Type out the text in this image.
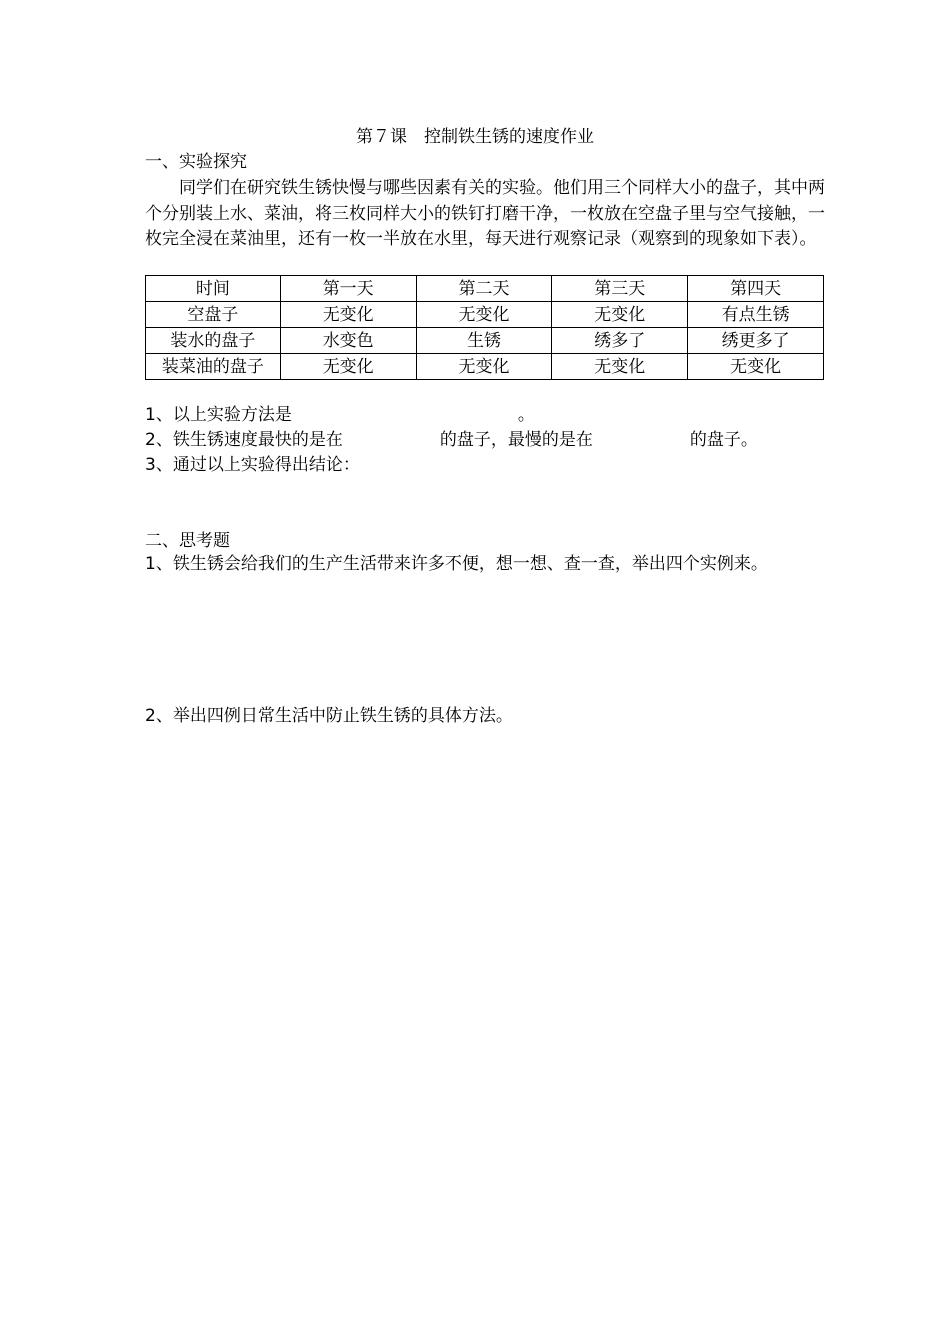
第７课　控制铁生锈的速度作业
一、实验探究
同学们在研究铁生锈快慢与哪些因素有关的实验。他们用三个同样大小的盘子，其中两个分别装上水、菜油，将三枚同样大小的铁钉打磨干净，一枚放在空盘子里与空气接触，一枚完全浸在菜油里，还有一枚一半放在水里，每天进行观察记录（观察到的现象如下表）。
时间	第一天	第二天	第三天	第四天
空盘子	无变化	无变化	无变化	有点生锈
装水的盘子	水变色	生锈	绣多了	绣更多了
装菜油的盘子	无变化	无变化	无变化	无变化
1、以上实验方法是	。
2、铁生锈速度最快的是在	的盘子，最慢的是在	的盘子。
3、通过以上实验得出结论：
二、思考题
1、铁生锈会给我们的生产生活带来许多不便，想一想、查一查，举出四个实例来。
2、举出四例日常生活中防止铁生锈的具体方法。
